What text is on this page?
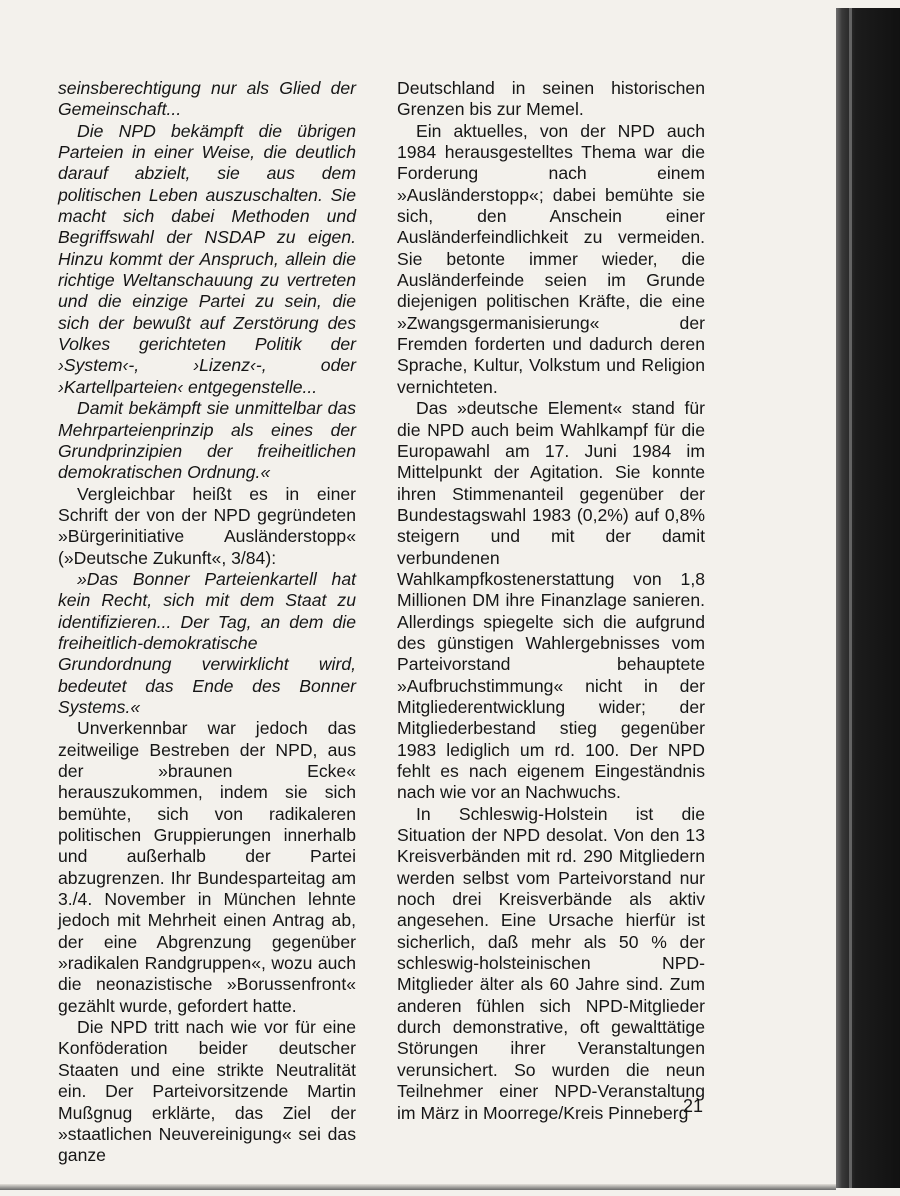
seinsberechtigung nur als Glied der Gemeinschaft...

Die NPD bekämpft die übrigen Parteien in einer Weise, die deutlich darauf abzielt, sie aus dem politischen Leben auszuschalten. Sie macht sich dabei Methoden und Begriffswahl der NSDAP zu eigen. Hinzu kommt der Anspruch, allein die richtige Weltanschauung zu vertreten und die einzige Partei zu sein, die sich der bewußt auf Zerstörung des Volkes gerichteten Politik der ›System‹-, ›Lizenz‹-, oder ›Kartellparteien‹ entgegenstelle...

Damit bekämpft sie unmittelbar das Mehrparteienprinzip als eines der Grundprinzipien der freiheitlichen demokratischen Ordnung.«

Vergleichbar heißt es in einer Schrift der von der NPD gegründeten »Bürgerinitiative Ausländerstopp« (»Deutsche Zukunft«, 3/84):

»Das Bonner Parteienkartell hat kein Recht, sich mit dem Staat zu identifizieren... Der Tag, an dem die freiheitlich-demokratische Grundordnung verwirklicht wird, bedeutet das Ende des Bonner Systems.«

Unverkennbar war jedoch das zeitweilige Bestreben der NPD, aus der »braunen Ecke« herauszukommen, indem sie sich bemühte, sich von radikaleren politischen Gruppierungen innerhalb und außerhalb der Partei abzugrenzen. Ihr Bundesparteitag am 3./4. November in München lehnte jedoch mit Mehrheit einen Antrag ab, der eine Abgrenzung gegenüber »radikalen Randgruppen«, wozu auch die neonazistische »Borussenfront« gezählt wurde, gefordert hatte.

Die NPD tritt nach wie vor für eine Konföderation beider deutscher Staaten und eine strikte Neutralität ein. Der Parteivorsitzende Martin Mußgnug erklärte, das Ziel der »staatlichen Neuvereinigung« sei das ganze

Deutschland in seinen historischen Grenzen bis zur Memel.

Ein aktuelles, von der NPD auch 1984 herausgestelltes Thema war die Forderung nach einem »Ausländerstopp«; dabei bemühte sie sich, den Anschein einer Ausländerfeindlichkeit zu vermeiden. Sie betonte immer wieder, die Ausländerfeinde seien im Grunde diejenigen politischen Kräfte, die eine »Zwangsgermanisierung« der Fremden forderten und dadurch deren Sprache, Kultur, Volkstum und Religion vernichteten.

Das »deutsche Element« stand für die NPD auch beim Wahlkampf für die Europawahl am 17. Juni 1984 im Mittelpunkt der Agitation. Sie konnte ihren Stimmenanteil gegenüber der Bundestagswahl 1983 (0,2%) auf 0,8% steigern und mit der damit verbundenen Wahlkampfkostenerstattung von 1,8 Millionen DM ihre Finanzlage sanieren. Allerdings spiegelte sich die aufgrund des günstigen Wahlergebnisses vom Parteivorstand behauptete »Aufbruchstimmung« nicht in der Mitgliederentwicklung wider; der Mitgliederbestand stieg gegenüber 1983 lediglich um rd. 100. Der NPD fehlt es nach eigenem Eingeständnis nach wie vor an Nachwuchs.

In Schleswig-Holstein ist die Situation der NPD desolat. Von den 13 Kreisverbänden mit rd. 290 Mitgliedern werden selbst vom Parteivorstand nur noch drei Kreisverbände als aktiv angesehen. Eine Ursache hierfür ist sicherlich, daß mehr als 50 % der schleswig-holsteinischen NPD-Mitglieder älter als 60 Jahre sind. Zum anderen fühlen sich NPD-Mitglieder durch demonstrative, oft gewalttätige Störungen ihrer Veranstaltungen verunsichert. So wurden die neun Teilnehmer einer NPD-Veranstaltung im März in Moorrege/Kreis Pinneberg

21
